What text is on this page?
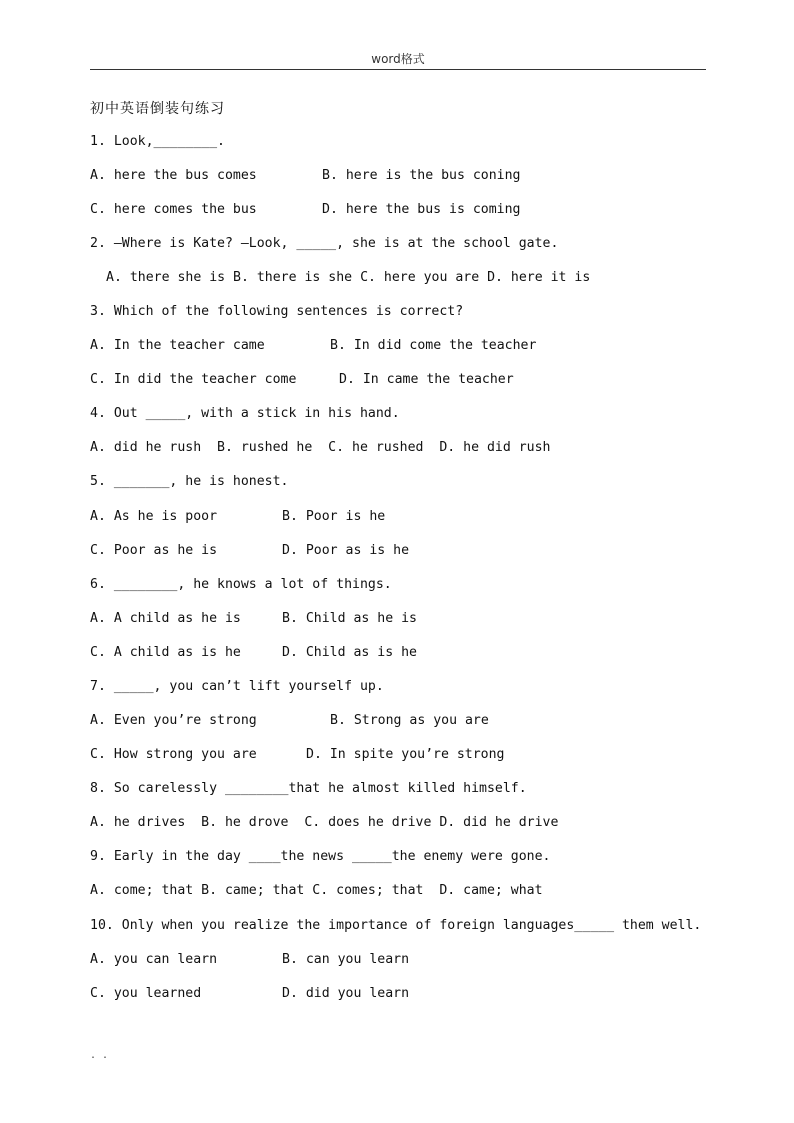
word格式
初中英语倒装句练习
1. Look,________.
A. here the bus comes	B. here is the bus coning
C. here comes the bus	D. here the bus is coming
2. —Where is Kate? —Look, _____, she is at the school gate.
A. there she is B. there is she C. here you are D. here it is
3. Which of the following sentences is correct?
A. In the teacher came	B. In did come the teacher
C. In did the teacher come	D. In came the teacher
4. Out _____, with a stick in his hand.
A. did he rush  B. rushed he  C. he rushed  D. he did rush
5. _______, he is honest.
A. As he is poor	B. Poor is he
C. Poor as he is	D. Poor as is he
6. ________, he knows a lot of things.
A. A child as he is	B. Child as he is
C. A child as is he	D. Child as is he
7. _____, you can’t lift yourself up.
A. Even you’re strong	B. Strong as you are
C. How strong you are	D. In spite you’re strong
8. So carelessly ________that he almost killed himself.
A. he drives  B. he drove  C. does he drive D. did he drive
9. Early in the day ____the news _____the enemy were gone.
A. come; that B. came; that C. comes; that  D. came; what
10. Only when you realize the importance of foreign languages_____ them well.
A. you can learn	B. can you learn
C. you learned	D. did you learn
. .
